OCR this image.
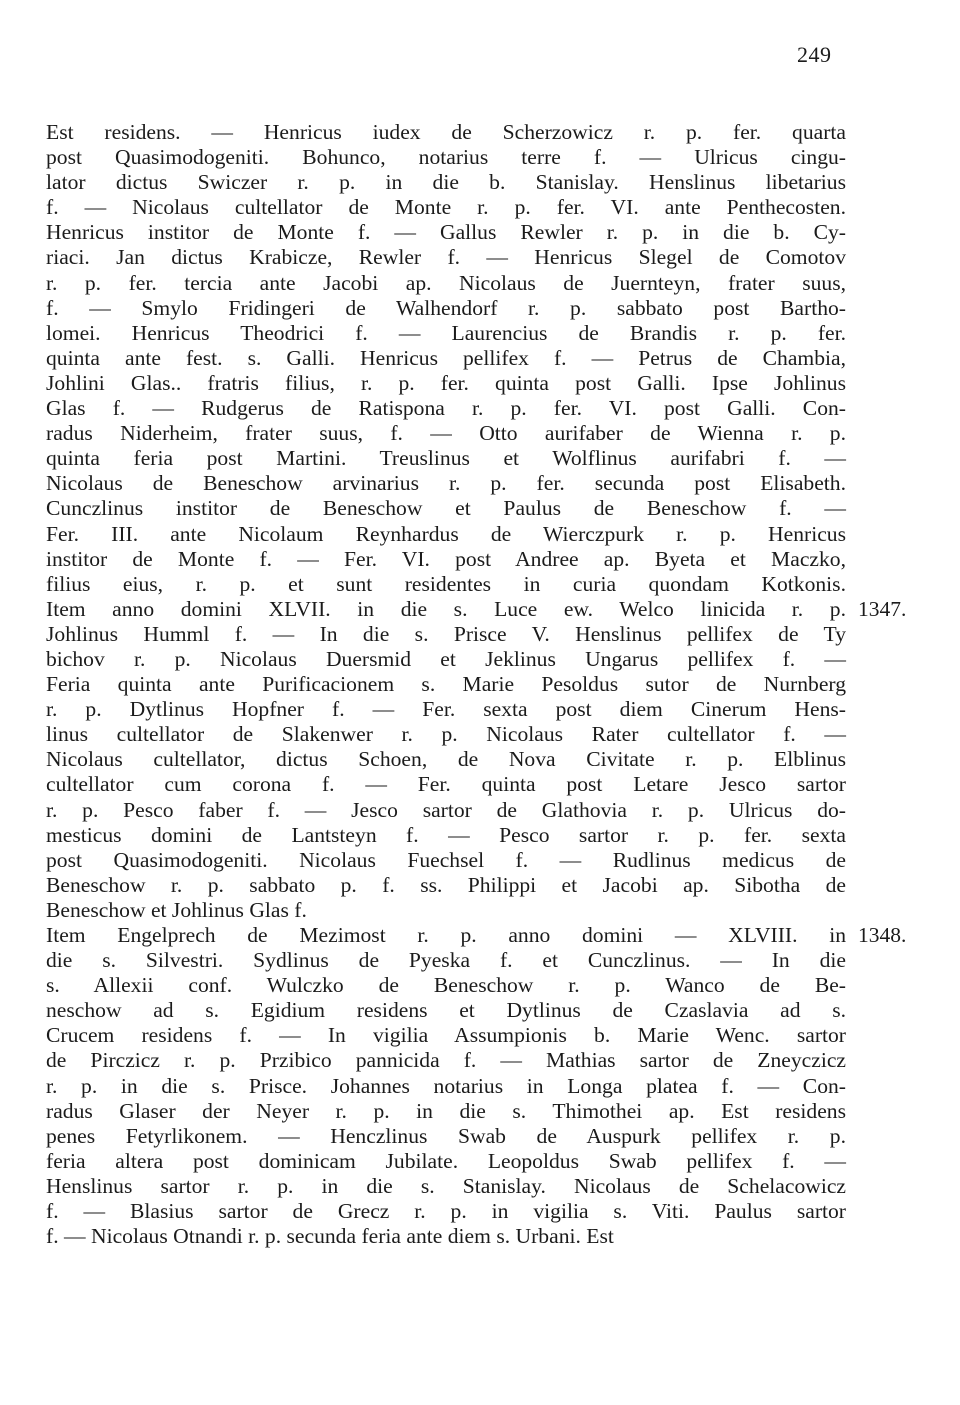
249
Est residens. — Henricus iudex de Scherzowicz r. p. fer. quarta
post Quasimodogeniti. Bohunco, notarius terre f. — Ulricus cingu-
lator dictus Swiczer r. p. in die b. Stanislay. Henslinus libetarius
f. — Nicolaus cultellator de Monte r. p. fer. VI. ante Penthecosten.
Henricus institor de Monte f. — Gallus Rewler r. p. in die b. Cy-
riaci. Jan dictus Krabicze, Rewler f. — Henricus Slegel de Comotov
r. p. fer. tercia ante Jacobi ap. Nicolaus de Juernteyn, frater suus,
f. — Smylo Fridingeri de Walhendorf r. p. sabbato post Bartho-
lomei. Henricus Theodrici f. — Laurencius de Brandis r. p. fer.
quinta ante fest. s. Galli. Henricus pellifex f. — Petrus de Chambia,
Johlini Glas.. fratris filius, r. p. fer. quinta post Galli. Ipse Johlinus
Glas f. — Rudgerus de Ratispona r. p. fer. VI. post Galli. Con-
radus Niderheim, frater suus, f. — Otto aurifaber de Wienna r. p.
quinta feria post Martini. Treuslinus et Wolflinus aurifabri f. —
Nicolaus de Beneschow arvinarius r. p. fer. secunda post Elisabeth.
Cunczlinus institor de Beneschow et Paulus de Beneschow f. —
Fer. III. ante Nicolaum Reynhardus de Wierczpurk r. p. Henricus
institor de Monte f. — Fer. VI. post Andree ap. Byeta et Maczko,
filius eius, r. p. et sunt residentes in curia quondam Kotkonis.
Item anno domini XLVII. in die s. Luce ew. Welco linicida r. p.
Johlinus Humml f. — In die s. Prisce V. Henslinus pellifex de Ty
bichov r. p. Nicolaus Duersmid et Jeklinus Ungarus pellifex f. —
Feria quinta ante Purificacionem s. Marie Pesoldus sutor de Nurnberg
r. p. Dytlinus Hopfner f. — Fer. sexta post diem Cinerum Hens-
linus cultellator de Slakenwer r. p. Nicolaus Rater cultellator f. —
Nicolaus cultellator, dictus Schoen, de Nova Civitate r. p. Elblinus
cultellator cum corona f. — Fer. quinta post Letare Jesco sartor
r. p. Pesco faber f. — Jesco sartor de Glathovia r. p. Ulricus do-
mesticus domini de Lantsteyn f. — Pesco sartor r. p. fer. sexta
post Quasimodogeniti. Nicolaus Fuechsel f. — Rudlinus medicus de
Beneschow r. p. sabbato p. f. ss. Philippi et Jacobi ap. Sibotha de
Beneschow et Johlinus Glas f.
Item Engelprech de Mezimost r. p. anno domini — XLVIII. in
die s. Silvestri. Sydlinus de Pyeska f. et Cunczlinus. — In die
s. Allexii conf. Wulczko de Beneschow r. p. Wanco de Be-
neschow ad s. Egidium residens et Dytlinus de Czaslavia ad s.
Crucem residens f. — In vigilia Assumpionis b. Marie Wenc. sartor
de Pirczicz r. p. Przibico pannicida f. — Mathias sartor de Zneyczicz
r. p. in die s. Prisce. Johannes notarius in Longa platea f. — Con-
radus Glaser der Neyer r. p. in die s. Thimothei ap. Est residens
penes Fetyrlikonem. — Henczlinus Swab de Auspurk pellifex r. p.
feria altera post dominicam Jubilate. Leopoldus Swab pellifex f. —
Henslinus sartor r. p. in die s. Stanislay. Nicolaus de Schelacowicz
f. — Blasius sartor de Grecz r. p. in vigilia s. Viti. Paulus sartor
f. — Nicolaus Otnandi r. p. secunda feria ante diem s. Urbani. Est
1347.
1348.
